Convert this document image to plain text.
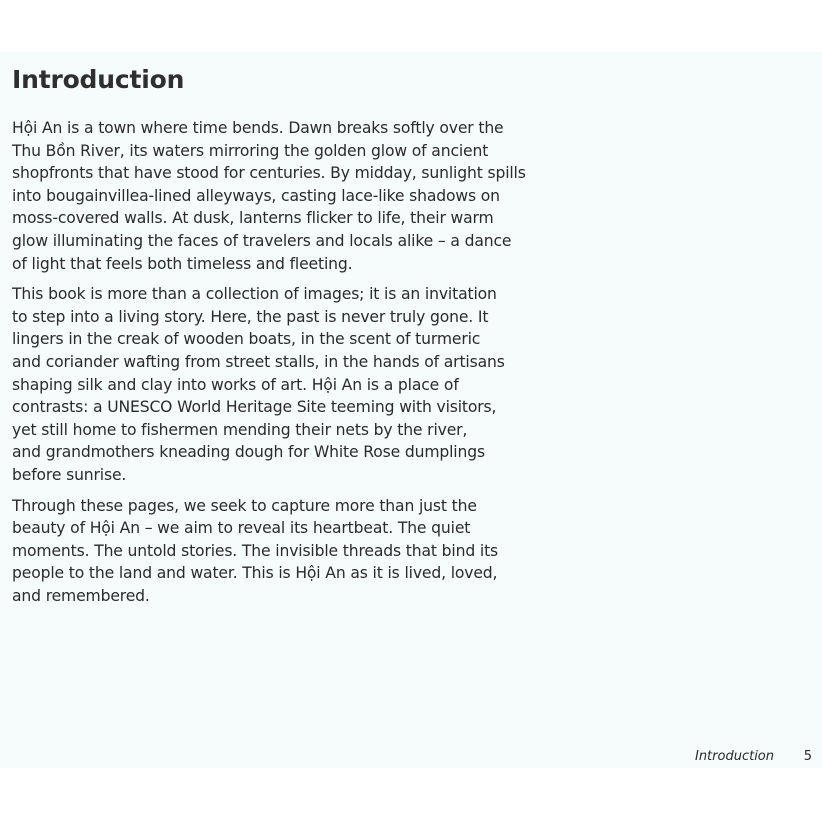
Introduction

Hội An is a town where time bends. Dawn breaks softly over the
Thu Bồn River, its waters mirroring the golden glow of ancient
shopfronts that have stood for centuries. By midday, sunlight spills
into bougainvillea-lined alleyways, casting lace-like shadows on
moss-covered walls. At dusk, lanterns flicker to life, their warm
glow illuminating the faces of travelers and locals alike – a dance
of light that feels both timeless and fleeting.

This book is more than a collection of images; it is an invitation
to step into a living story. Here, the past is never truly gone. It
lingers in the creak of wooden boats, in the scent of turmeric
and coriander wafting from street stalls, in the hands of artisans
shaping silk and clay into works of art. Hội An is a place of
contrasts: a UNESCO World Heritage Site teeming with visitors,
yet still home to fishermen mending their nets by the river,
and grandmothers kneading dough for White Rose dumplings
before sunrise.

Through these pages, we seek to capture more than just the
beauty of Hội An – we aim to reveal its heartbeat. The quiet
moments. The untold stories. The invisible threads that bind its
people to the land and water. This is Hội An as it is lived, loved,
and remembered.

Introduction 5
